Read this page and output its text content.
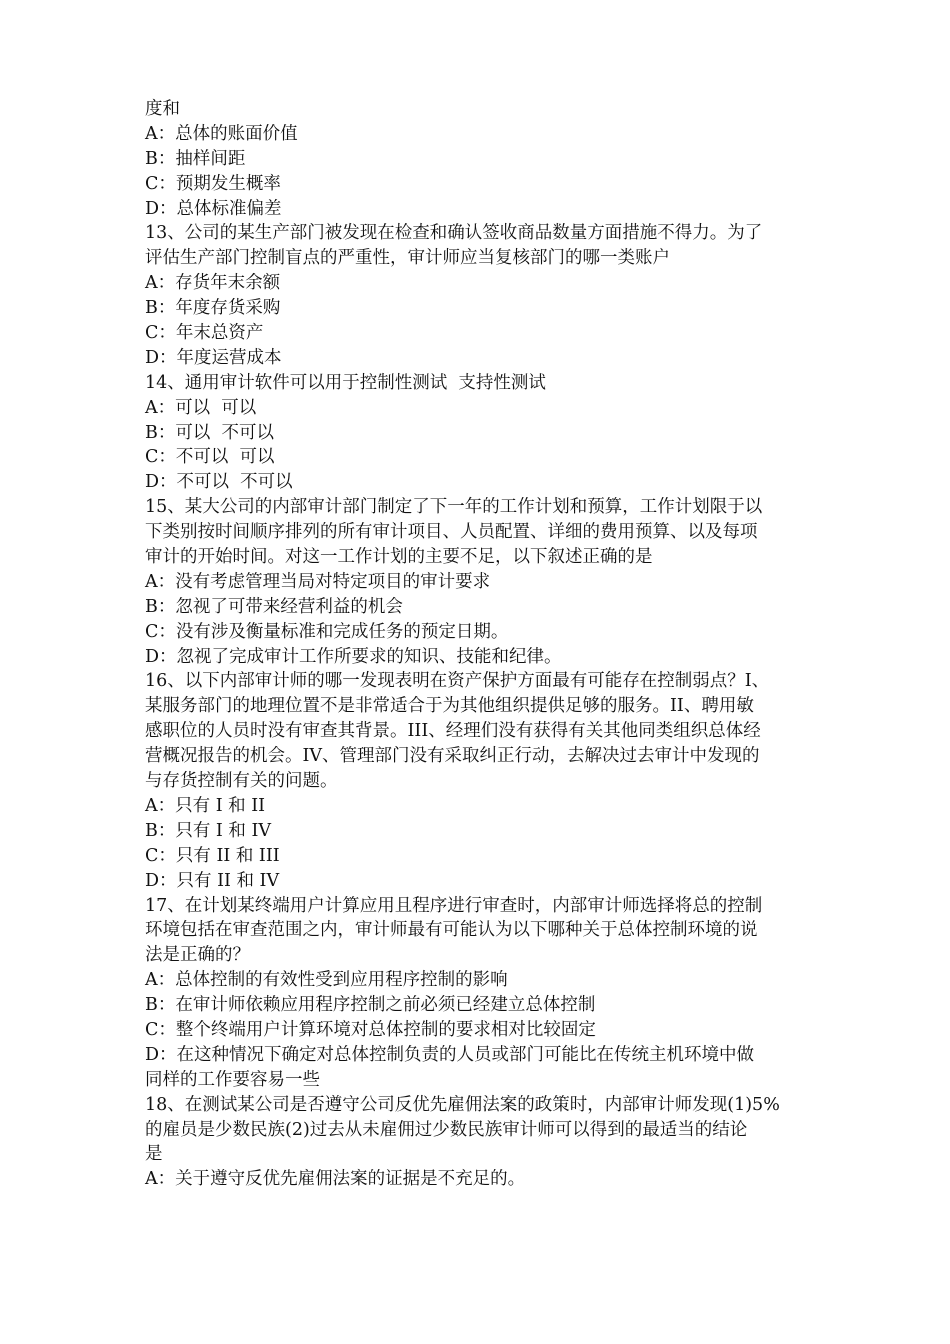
度和
A：总体的账面价值
B：抽样间距
C：预期发生概率
D：总体标准偏差
13、公司的某生产部门被发现在检查和确认签收商品数量方面措施不得力。为了
评估生产部门控制盲点的严重性，审计师应当复核部门的哪一类账户
A：存货年末余额
B：年度存货采购
C：年末总资产
D：年度运营成本
14、通用审计软件可以用于控制性测试  支持性测试
A：可以  可以
B：可以  不可以
C：不可以  可以
D：不可以  不可以
15、某大公司的内部审计部门制定了下一年的工作计划和预算，工作计划限于以
下类别按时间顺序排列的所有审计项目、人员配置、详细的费用预算、以及每项
审计的开始时间。对这一工作计划的主要不足，以下叙述正确的是
A：没有考虑管理当局对特定项目的审计要求
B：忽视了可带来经营利益的机会
C：没有涉及衡量标准和完成任务的预定日期。
D：忽视了完成审计工作所要求的知识、技能和纪律。
16、以下内部审计师的哪一发现表明在资产保护方面最有可能存在控制弱点？I、
某服务部门的地理位置不是非常适合于为其他组织提供足够的服务。II、聘用敏
感职位的人员时没有审查其背景。III、经理们没有获得有关其他同类组织总体经
营概况报告的机会。IV、管理部门没有采取纠正行动，去解决过去审计中发现的
与存货控制有关的问题。
A：只有 I 和 II
B：只有 I 和 IV
C：只有 II 和 III
D：只有 II 和 IV
17、在计划某终端用户计算应用且程序进行审查时，内部审计师选择将总的控制
环境包括在审查范围之内，审计师最有可能认为以下哪种关于总体控制环境的说
法是正确的？
A：总体控制的有效性受到应用程序控制的影响
B：在审计师依赖应用程序控制之前必须已经建立总体控制
C：整个终端用户计算环境对总体控制的要求相对比较固定
D：在这种情况下确定对总体控制负责的人员或部门可能比在传统主机环境中做
同样的工作要容易一些
18、在测试某公司是否遵守公司反优先雇佣法案的政策时，内部审计师发现(1)5%
的雇员是少数民族(2)过去从未雇佣过少数民族审计师可以得到的最适当的结论
是
A：关于遵守反优先雇佣法案的证据是不充足的。
